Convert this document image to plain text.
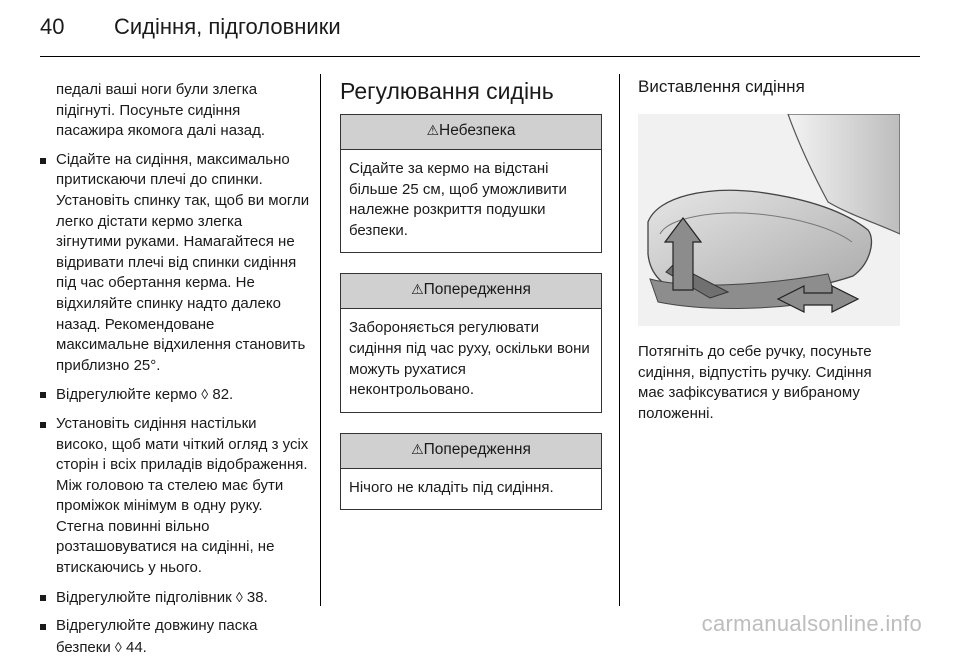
40 Сидіння, підголовники

педалі ваші ноги були злегка підігнуті. Посуньте сидіння пасажира якомога далі назад.

Сідайте на сидіння, максимально притискаючи плечі до спинки. Установіть спинку так, щоб ви могли легко дістати кермо злегка зігнутими руками. Намагайтеся не відривати плечі від спинки сидіння під час обертання керма. Не відхиляйте спинку надто далеко назад. Рекомендоване максимальне відхилення становить приблизно 25°.
Відрегулюйте кермо ◊ 82.
Установіть сидіння настільки високо, щоб мати чіткий огляд з усіх сторін і всіх приладів відображення. Між головою та стелею має бути проміжок мінімум в одну руку. Стегна повинні вільно розташовуватися на сидінні, не втискаючись у нього.
Відрегулюйте підголівник ◊ 38.
Відрегулюйте довжину паска безпеки ◊ 44.
Регулювання сидінь
⚠Небезпека
Сідайте за кермо на відстані більше 25 см, щоб уможливити належне розкриття подушки безпеки.
⚠Попередження
Забороняється регулювати сидіння під час руху, оскільки вони можуть рухатися неконтрольовано.
⚠Попередження
Нічого не кладіть під сидіння.
Виставлення сидіння
Потягніть до себе ручку, посуньте сидіння, відпустіть ручку. Сидіння має зафіксуватися у вибраному положенні.
carmanualsonline.info
